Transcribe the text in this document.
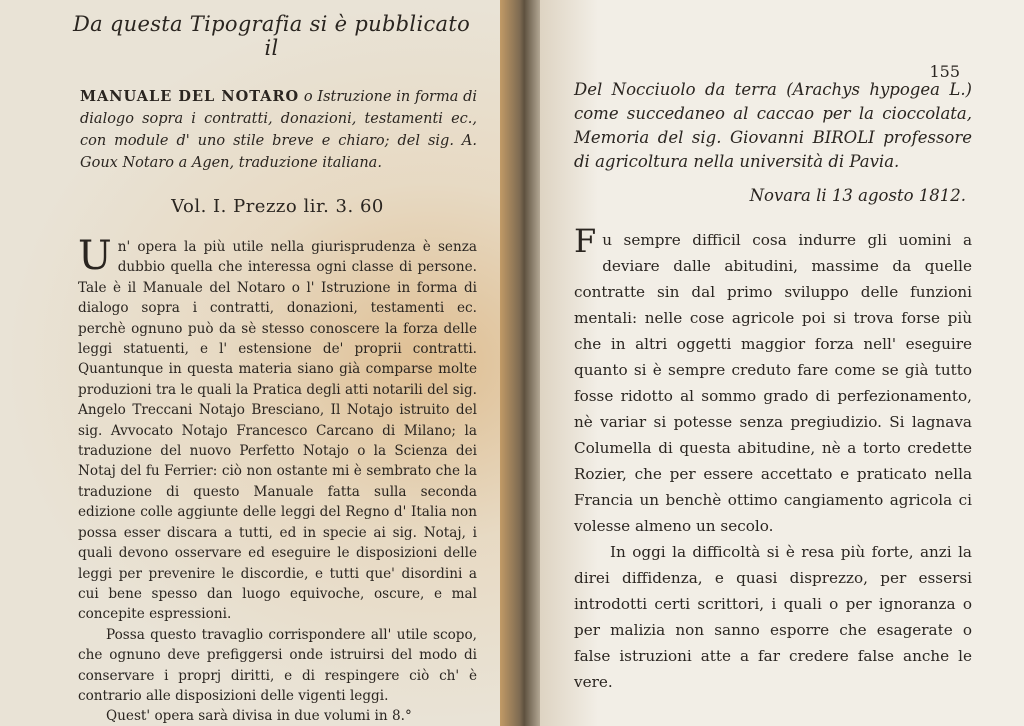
Da questa Tipografia si è pubblicato il
MANUALE DEL NOTARO o Istruzione in forma di dialogo sopra i contratti, donazioni, testamenti ec., con module d' uno stile breve e chiaro; del sig. A. Goux Notaro a Agen, traduzione italiana.
Vol. I. Prezzo lir. 3. 60

Un' opera la più utile nella giurisprudenza è senza dubbio quella che interessa ogni classe di persone. Tale è il Manuale del Notaro o l' Istruzione in forma di dialogo sopra i contratti, donazioni, testamenti ec. perchè ognuno può da sè stesso conoscere la forza delle leggi statuenti, e l' estensione de' proprii contratti. Quantunque in questa materia siano già comparse molte produzioni tra le quali la Pratica degli atti notarili del sig. Angelo Treccani Notajo Bresciano, Il Notajo istruito del sig. Avvocato Notajo Francesco Carcano di Milano; la traduzione del nuovo Perfetto Notajo o la Scienza dei Notaj del fu Ferrier: ciò non ostante mi è sembrato che la traduzione di questo Manuale fatta sulla seconda edizione colle aggiunte delle leggi del Regno d' Italia non possa esser discara a tutti, ed in specie ai sig. Notaj, i quali devono osservare ed eseguire le disposizioni delle leggi per prevenire le discordie, e tutti que' disordini a cui bene spesso dan luogo equivoche, oscure, e mal concepite espressioni.

Possa questo travaglio corrispondere all' utile scopo, che ognuno deve prefiggersi onde istruirsi del modo di conservare i proprj diritti, e di respingere ciò ch' è contrario alle disposizioni delle vigenti leggi.

Quest' opera sarà divisa in due volumi in 8.°

155
Del Nocciuolo da terra (Arachys hypogea L.) come succedaneo al caccao per la cioccolata, Memoria del sig. Giovanni BIROLI professore di agricoltura nella università di Pavia.
Novara li 13 agosto 1812.

Fu sempre difficil cosa indurre gli uomini a deviare dalle abitudini, massime da quelle contratte sin dal primo sviluppo delle funzioni mentali: nelle cose agricole poi si trova forse più che in altri oggetti maggior forza nell' eseguire quanto si è sempre creduto fare come se già tutto fosse ridotto al sommo grado di perfezionamento, nè variar si potesse senza pregiudizio. Si lagnava Columella di questa abitudine, nè a torto credette Rozier, che per essere accettato e praticato nella Francia un benchè ottimo cangiamento agricola ci volesse almeno un secolo.

In oggi la difficoltà si è resa più forte, anzi la direi diffidenza, e quasi disprezzo, per essersi introdotti certi scrittori, i quali o per ignoranza o per malizia non sanno esporre che esagerate o false istruzioni atte a far credere false anche le vere.
